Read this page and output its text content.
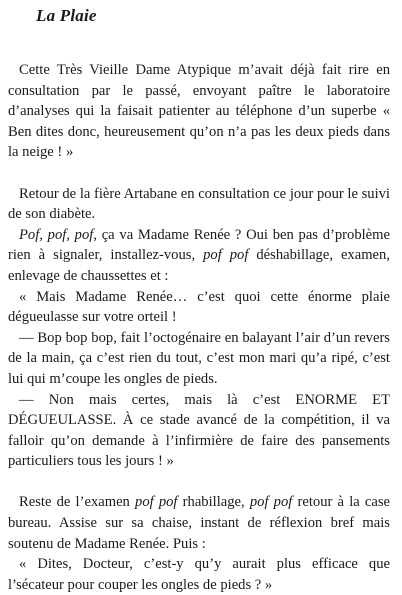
La Plaie

Cette Très Vieille Dame Atypique m’avait déjà fait rire en consultation par le passé, envoyant paître le laboratoire d’analyses qui la faisait patienter au téléphone d’un superbe « Ben dites donc, heureusement qu’on n’a pas les deux pieds dans la neige ! »

Retour de la fière Artabane en consultation ce jour pour le suivi de son diabète.

Pof, pof, pof, ça va Madame Renée ? Oui ben pas d’problème rien à signaler, installez-vous, pof pof déshabillage, examen, enlevage de chaussettes et :

« Mais Madame Renée… c’est quoi cette énorme plaie dégueulasse sur votre orteil !

— Bop bop bop, fait l’octogénaire en balayant l’air d’un revers de la main, ça c’est rien du tout, c’est mon mari qu’a ripé, c’est lui qui m’coupe les ongles de pieds.

— Non mais certes, mais là c’est ENORME ET DÉGUEULASSE. À ce stade avancé de la compétition, il va falloir qu’on demande à l’infirmière de faire des pansements particuliers tous les jours ! »

Reste de l’examen pof pof rhabillage, pof pof retour à la case bureau. Assise sur sa chaise, instant de réflexion bref mais soutenu de Madame Renée. Puis :

« Dites, Docteur, c’est-y qu’y aurait plus efficace que l’sécateur pour couper les ongles de pieds ? »
